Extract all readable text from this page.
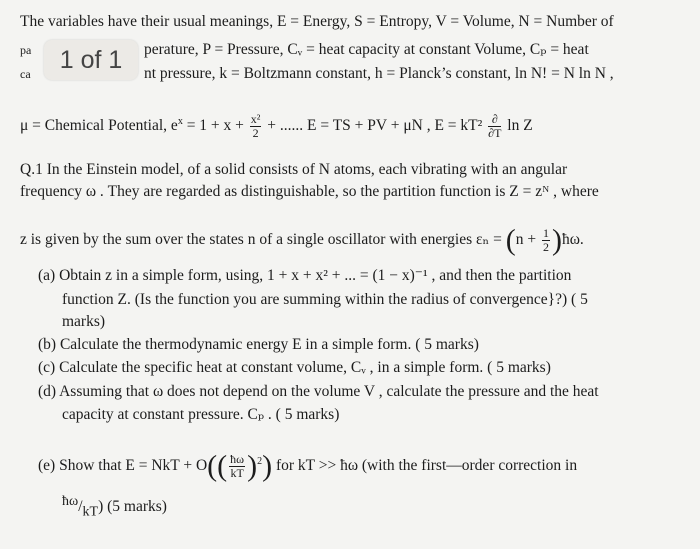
The variables have their usual meanings, E = Energy, S = Entropy, V = Volume, N = Number of
pa	perature, P = Pressure, Cᵥ = heat capacity at constant Volume, Cₚ = heat
ca	nt pressure, k = Boltzmann constant, h = Planck’s constant, ln N! = N ln N ,
μ = Chemical Potential, $e^x = 1 + x + \frac{\text{x²}}{2}$ + ...... E = TS + PV + μN , $E = kT^2 \frac{\partial}{\partial T}$ ln Z
Q.1 In the Einstein model, of a solid consists of N atoms, each vibrating with an angular
frequency ω . They are regarded as distinguishable, so the partition function is Z = zᴺ , where
z is given by the sum over the states n of a single oscillator with energies $\varepsilon_n = (n + \frac{1}{2}$ )ħω.
(a) Obtain z in a simple form, using, 1 + x + x² + ... = (1 − x)⁻¹ , and then the partition
function Z. (Is the function you are summing within the radius of convergence}?) ( 5
marks)
(b) Calculate the thermodynamic energy E in a simple form. ( 5 marks)
(c) Calculate the specific heat at constant volume, Cᵥ , in a simple form. ( 5 marks)
(d) Assuming that ω does not depend on the volume V , calculate the pressure and the heat
capacity at constant pressure. Cₚ . ( 5 marks)
(e) Show that E = NkT + $O(( \frac{ħ\omega}{kT} )^2)$ for kT >> ħω (with the first—order correction in
$^{ħ\omega}/_{kT}$) (5 marks)
1 of 1
